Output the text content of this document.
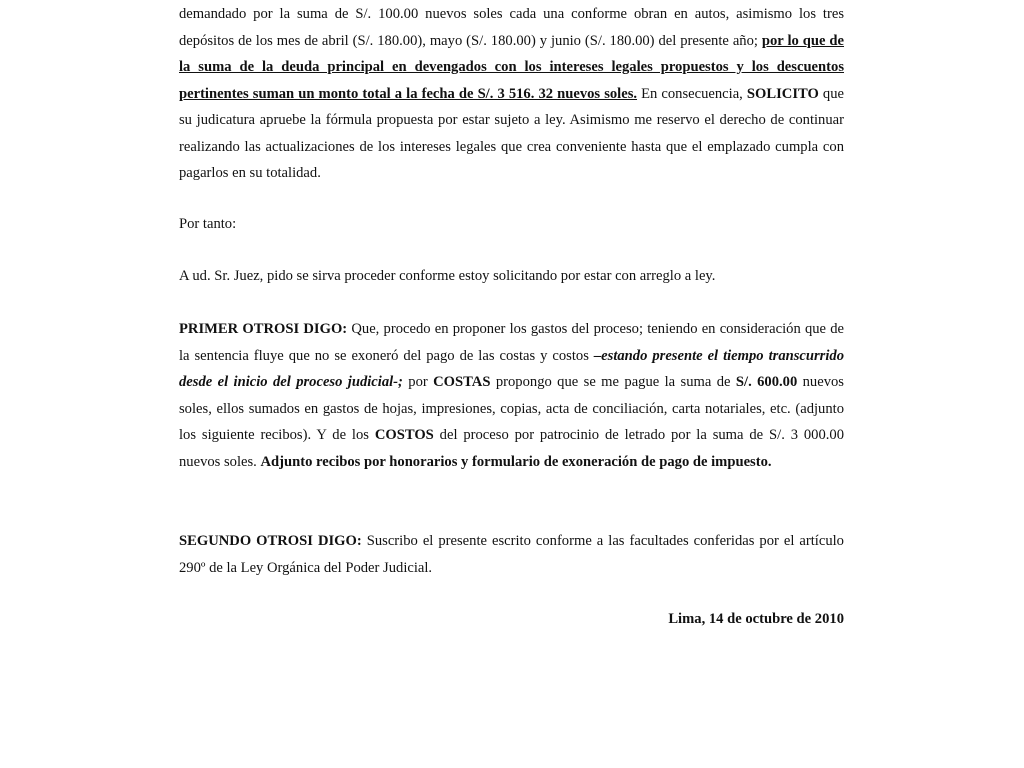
demandado por la suma de S/. 100.00 nuevos soles cada una conforme obran en autos, asimismo los tres depósitos de los mes de abril (S/. 180.00), mayo (S/. 180.00) y junio (S/. 180.00) del presente año; por lo que de la suma de la deuda principal en devengados con los intereses legales propuestos y los descuentos pertinentes suman un monto total a la fecha de S/. 3 516. 32 nuevos soles. En consecuencia, SOLICITO que su judicatura apruebe la fórmula propuesta por estar sujeto a ley. Asimismo me reservo el derecho de continuar realizando las actualizaciones de los intereses legales que crea conveniente hasta que el emplazado cumpla con pagarlos en su totalidad.

Por tanto:

A ud. Sr. Juez, pido se sirva proceder conforme estoy solicitando por estar con arreglo a ley.

PRIMER OTROSI DIGO: Que, procedo en proponer los gastos del proceso; teniendo en consideración que de la sentencia fluye que no se exoneró del pago de las costas y costos –estando presente el tiempo transcurrido desde el inicio del proceso judicial-; por COSTAS propongo que se me pague la suma de S/. 600.00 nuevos soles, ellos sumados en gastos de hojas, impresiones, copias, acta de conciliación, carta notariales, etc. (adjunto los siguiente recibos). Y de los COSTOS del proceso por patrocinio de letrado por la suma de S/. 3 000.00 nuevos soles. Adjunto recibos por honorarios y formulario de exoneración de pago de impuesto.

SEGUNDO OTROSI DIGO: Suscribo el presente escrito conforme a las facultades conferidas por el artículo 290º de la Ley Orgánica del Poder Judicial.

Lima, 14 de octubre de 2010
